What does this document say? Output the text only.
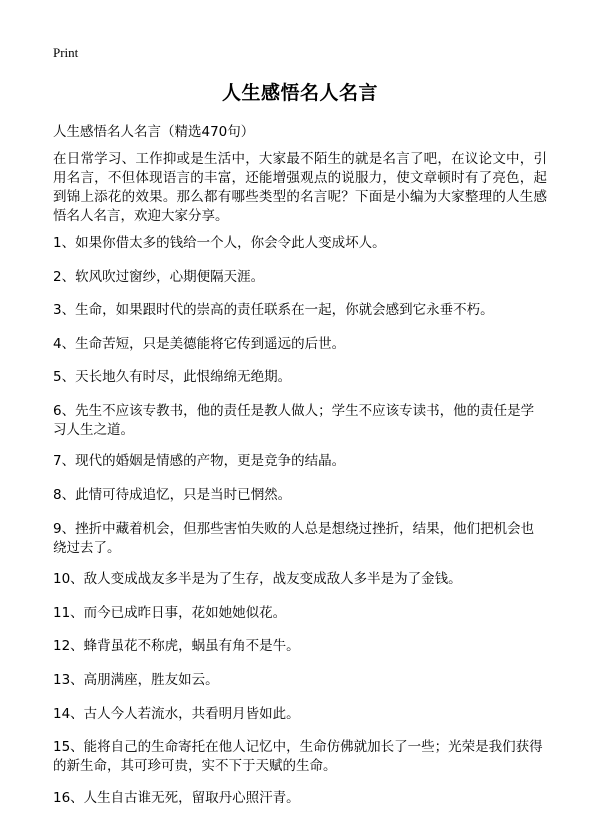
Print
人生感悟名人名言

人生感悟名人名言（精选470句）

在日常学习、工作抑或是生活中，大家最不陌生的就是名言了吧，在议论文中，引用名言，不但体现语言的丰富，还能增强观点的说服力，使文章顿时有了亮色，起到锦上添花的效果。那么都有哪些类型的名言呢？下面是小编为大家整理的人生感悟名人名言，欢迎大家分享。

1、如果你借太多的钱给一个人，你会令此人变成坏人。
2、软风吹过窗纱，心期便隔天涯。
3、生命，如果跟时代的崇高的责任联系在一起，你就会感到它永垂不朽。
4、生命苦短，只是美德能将它传到遥远的后世。
5、天长地久有时尽，此恨绵绵无绝期。
6、先生不应该专教书，他的责任是教人做人；学生不应该专读书，他的责任是学习人生之道。
7、现代的婚姻是情感的产物，更是竞争的结晶。
8、此情可待成追忆，只是当时已惘然。
9、挫折中藏着机会，但那些害怕失败的人总是想绕过挫折，结果，他们把机会也绕过去了。
10、敌人变成战友多半是为了生存，战友变成敌人多半是为了金钱。
11、而今已成昨日事，花如她她似花。
12、蜂背虽花不称虎，蜗虽有角不是牛。
13、高朋满座，胜友如云。
14、古人今人若流水，共看明月皆如此。
15、能将自己的生命寄托在他人记忆中，生命仿佛就加长了一些；光荣是我们获得的新生命，其可珍可贵，实不下于天赋的生命。
16、人生自古谁无死，留取丹心照汗青。
